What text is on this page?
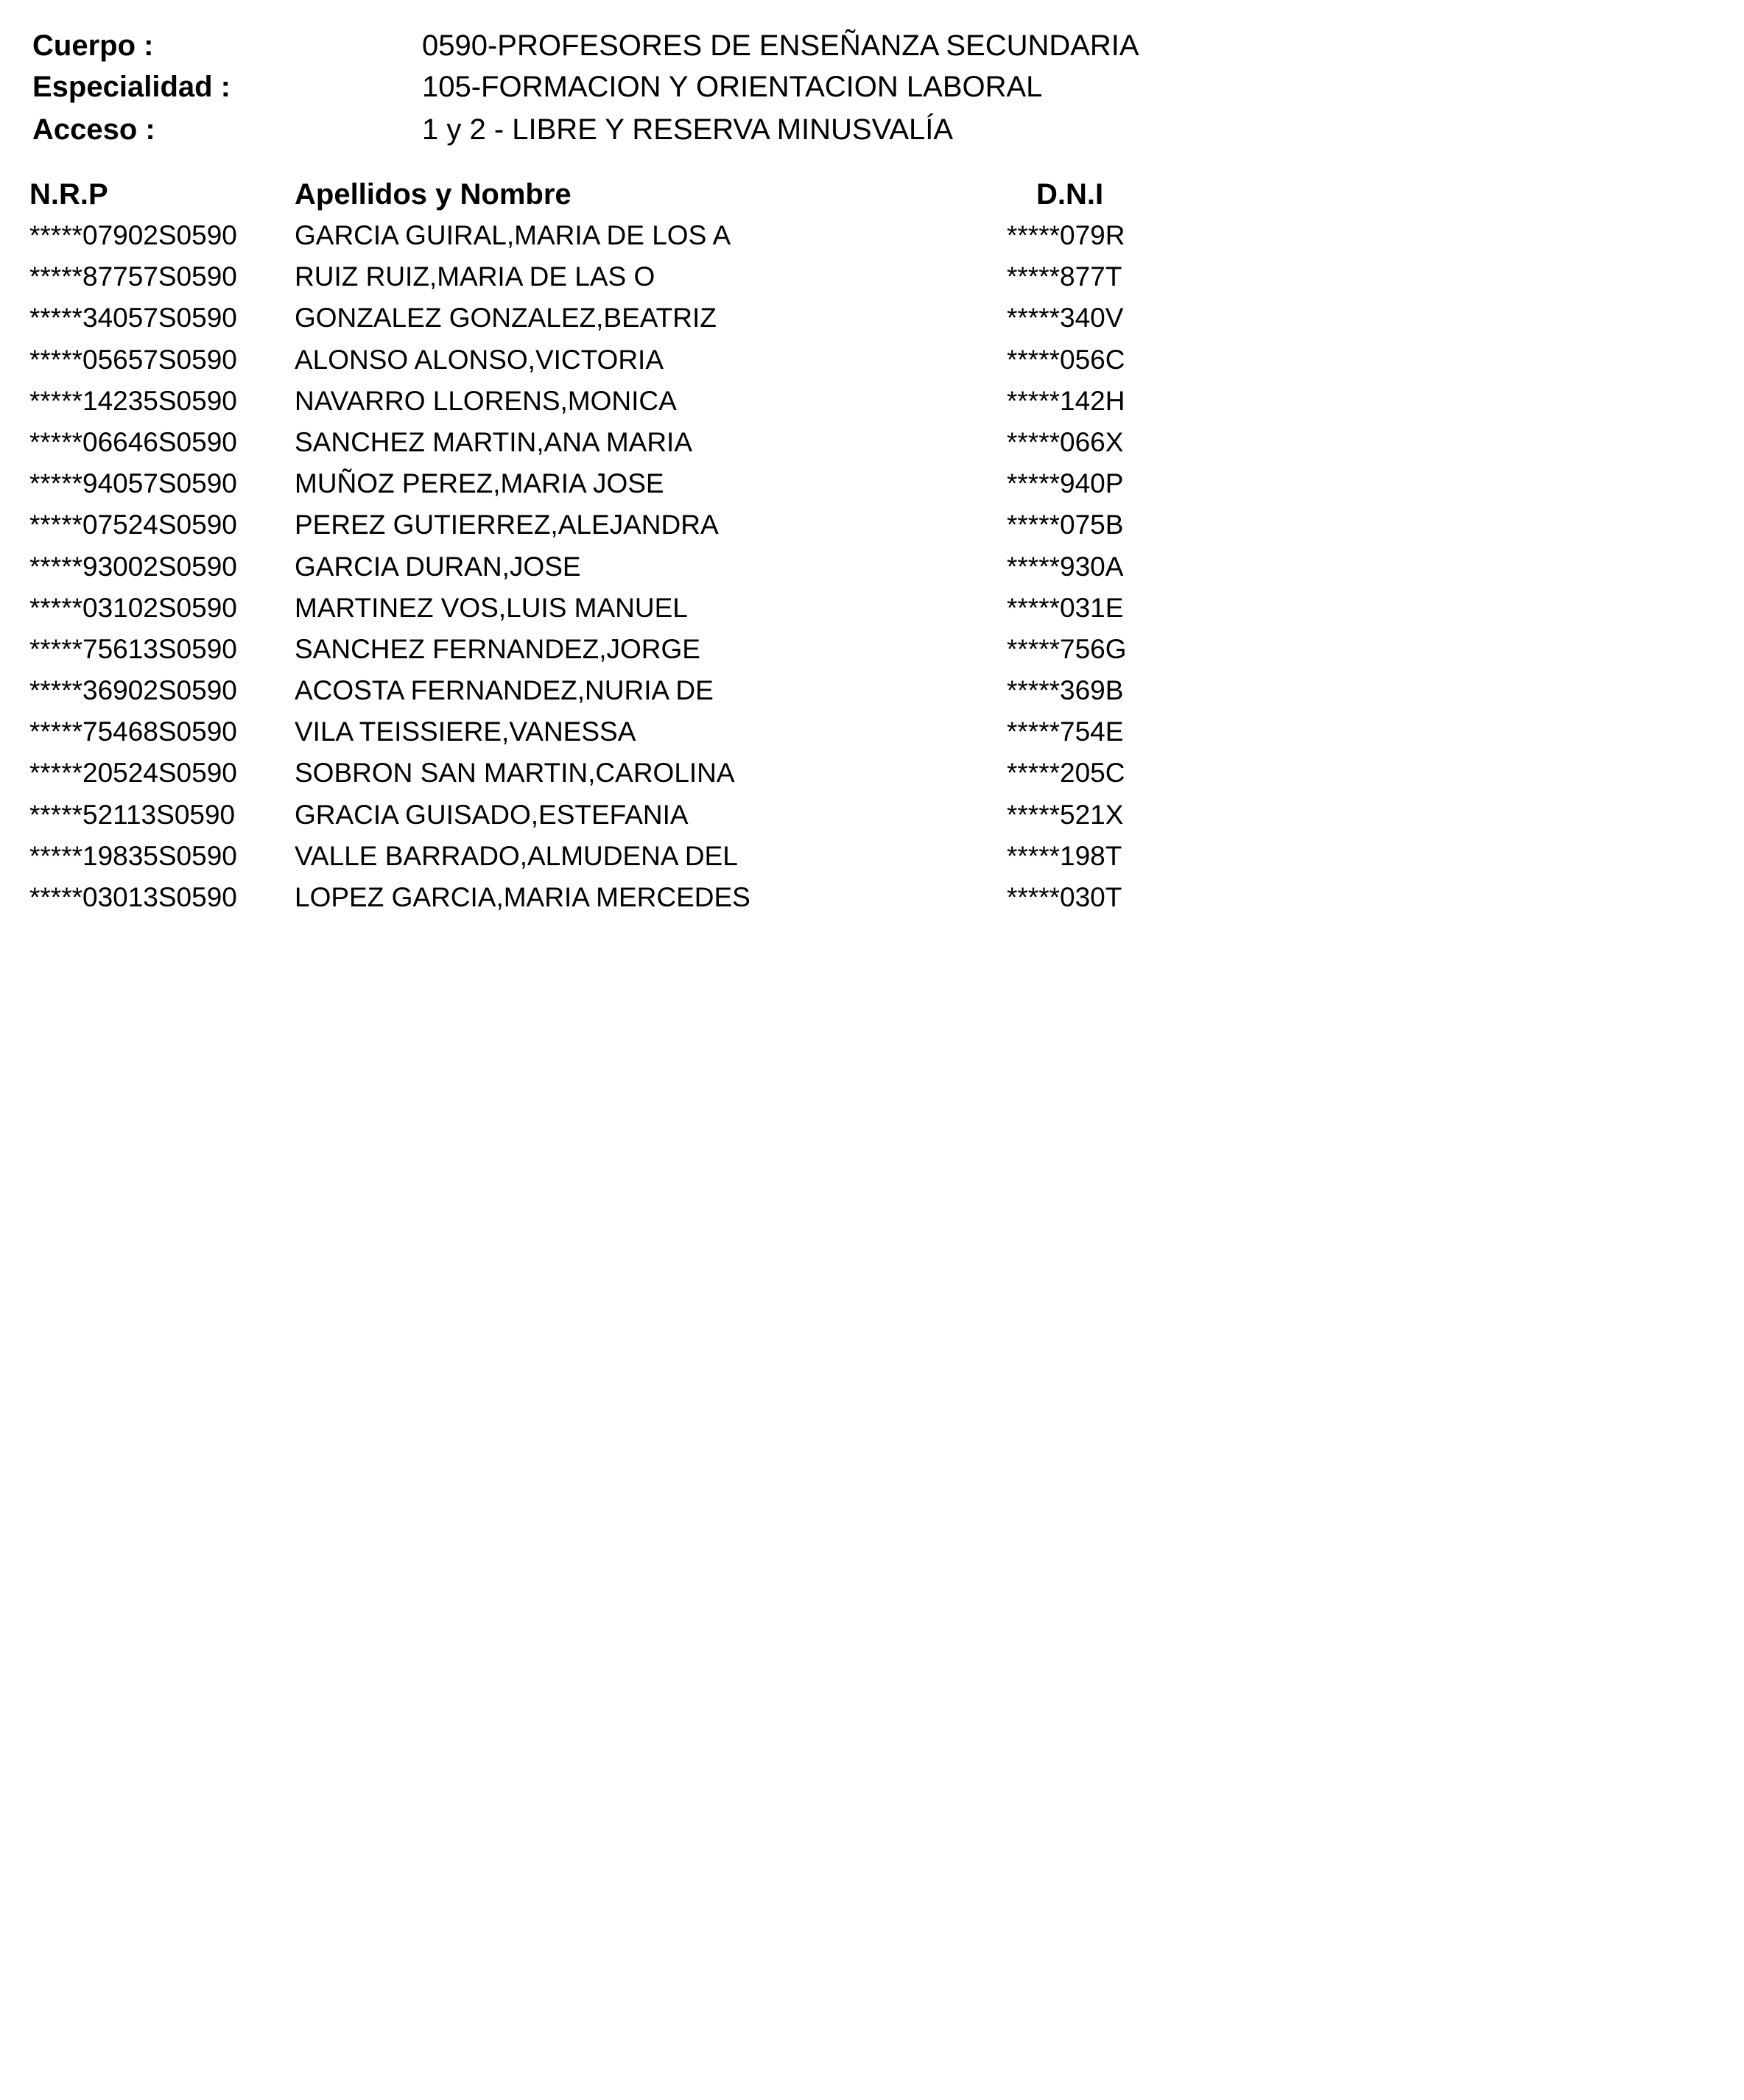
Cuerpo :	0590-PROFESORES DE ENSEÑANZA SECUNDARIA
Especialidad :	105-FORMACION Y ORIENTACION LABORAL
Acceso :	1 y 2 - LIBRE Y RESERVA MINUSVALÍA
N.R.P	Apellidos y Nombre	D.N.I
*****07902S0590 GARCIA GUIRAL,MARIA DE LOS A	*****079R
*****87757S0590 RUIZ RUIZ,MARIA DE LAS O	*****877T
*****34057S0590 GONZALEZ GONZALEZ,BEATRIZ	*****340V
*****05657S0590 ALONSO ALONSO,VICTORIA	*****056C
*****14235S0590 NAVARRO LLORENS,MONICA	*****142H
*****06646S0590 SANCHEZ MARTIN,ANA MARIA	*****066X
*****94057S0590 MUÑOZ PEREZ,MARIA JOSE	*****940P
*****07524S0590 PEREZ GUTIERREZ,ALEJANDRA	*****075B
*****93002S0590 GARCIA DURAN,JOSE	*****930A
*****03102S0590 MARTINEZ VOS,LUIS MANUEL	*****031E
*****75613S0590 SANCHEZ FERNANDEZ,JORGE	*****756G
*****36902S0590 ACOSTA FERNANDEZ,NURIA DE	*****369B
*****75468S0590 VILA TEISSIERE,VANESSA	*****754E
*****20524S0590 SOBRON SAN MARTIN,CAROLINA	*****205C
*****52113S0590 GRACIA GUISADO,ESTEFANIA	*****521X
*****19835S0590 VALLE BARRADO,ALMUDENA DEL	*****198T
*****03013S0590 LOPEZ GARCIA,MARIA MERCEDES	*****030T
